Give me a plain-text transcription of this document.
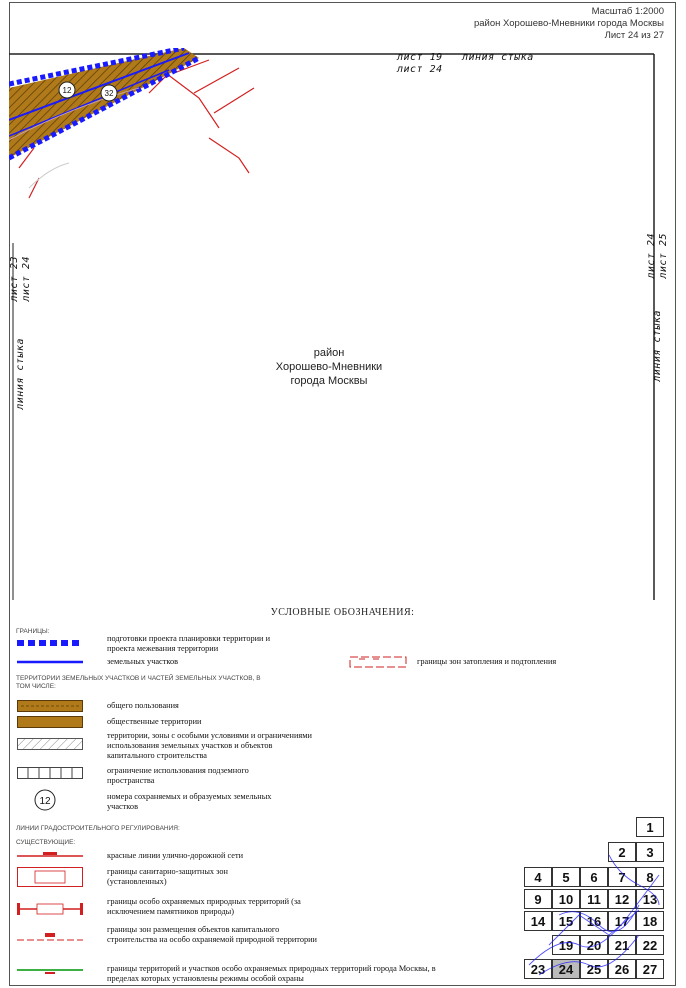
Масштаб 1:2000
район Хорошево-Мневники города Москвы
Лист 24 из 27
12	32
лист 19
лист 24
линия стыка
лист 23 лист 24
линия стыка
лист 24 лист 25
линия стыка
район
Хорошево-Мневники
города Москвы
УСЛОВНЫЕ ОБОЗНАЧЕНИЯ:
ГРАНИЦЫ:
подготовки проекта планировки территории и проекта межевания территории
земельных участков	границы зон затопления и подтопления
ТЕРРИТОРИИ ЗЕМЕЛЬНЫХ УЧАСТКОВ И ЧАСТЕЙ ЗЕМЕЛЬНЫХ УЧАСТКОВ, В ТОМ ЧИСЛЕ:
общего пользования
общественные территории
территории, зоны с особыми условиями и ограничениями использования земельных участков и объектов капитального строительства
ограничение использования подземного пространства
12	номера сохраняемых и образуемых земельных участков
ЛИНИИ ГРАДОСТРОИТЕЛЬНОГО РЕГУЛИРОВАНИЯ:
СУЩЕСТВУЮЩИЕ:
красные линии улично-дорожной сети
границы санитарно-защитных зон (установленных)
границы особо охраняемых природных территорий (за исключением памятников природы)
границы зон размещения объектов капитального строительства на особо охраняемой природной территории
границы территорий и участков особо охраняемых природных территорий города Москвы, в пределах которых установлены режимы особой охраны
1
2	3
4	5	6	7	8
9	10	11	12	13
14	15	16	17	18
19	20	21	22
23	24	25	26	27
